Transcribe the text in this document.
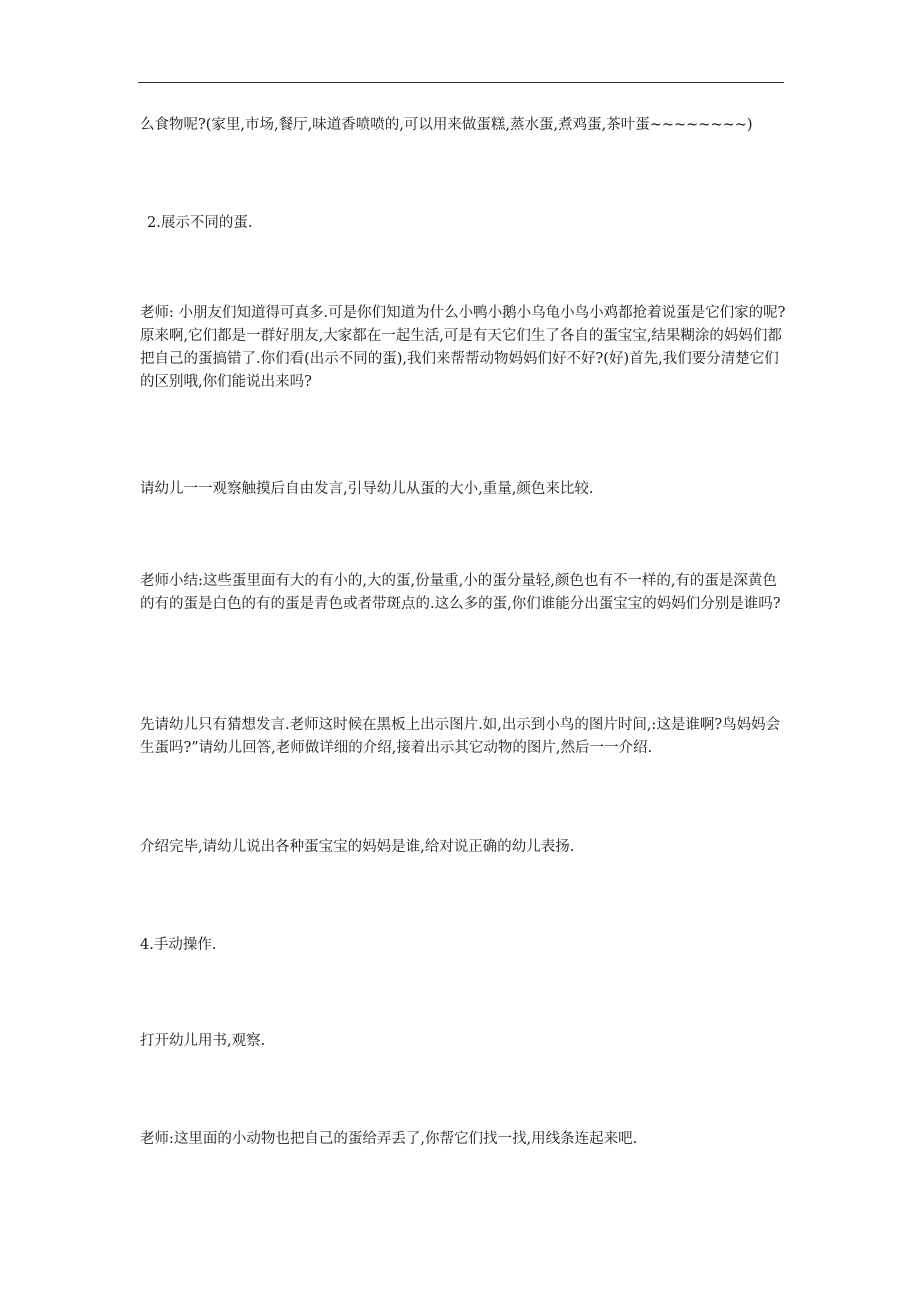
么食物呢?(家里,市场,餐厅,味道香喷喷的,可以用来做蛋糕,蒸水蛋,煮鸡蛋,茶叶蛋~~~~~~~~)

2.展示不同的蛋.

老师: 小朋友们知道得可真多.可是你们知道为什么小鸭小鹅小乌龟小鸟小鸡都抢着说蛋是它们家的呢?原来啊,它们都是一群好朋友,大家都在一起生活,可是有天它们生了各自的蛋宝宝,结果糊涂的妈妈们都把自己的蛋搞错了.你们看(出示不同的蛋),我们来帮帮动物妈妈们好不好?(好)首先,我们要分清楚它们的区别哦,你们能说出来吗?

请幼儿一一观察触摸后自由发言,引导幼儿从蛋的大小,重量,颜色来比较.

老师小结:这些蛋里面有大的有小的,大的蛋,份量重,小的蛋分量轻,颜色也有不一样的,有的蛋是深黄色的有的蛋是白色的有的蛋是青色或者带斑点的.这么多的蛋,你们谁能分出蛋宝宝的妈妈们分别是谁吗?

先请幼儿只有猜想发言.老师这时候在黑板上出示图片.如,出示到小鸟的图片时间,:这是谁啊?鸟妈妈会生蛋吗?”请幼儿回答,老师做详细的介绍,接着出示其它动物的图片,然后一一介绍.

介绍完毕,请幼儿说出各种蛋宝宝的妈妈是谁,给对说正确的幼儿表扬.

4.手动操作.

打开幼儿用书,观察.

老师:这里面的小动物也把自己的蛋给弄丢了,你帮它们找一找,用线条连起来吧.
